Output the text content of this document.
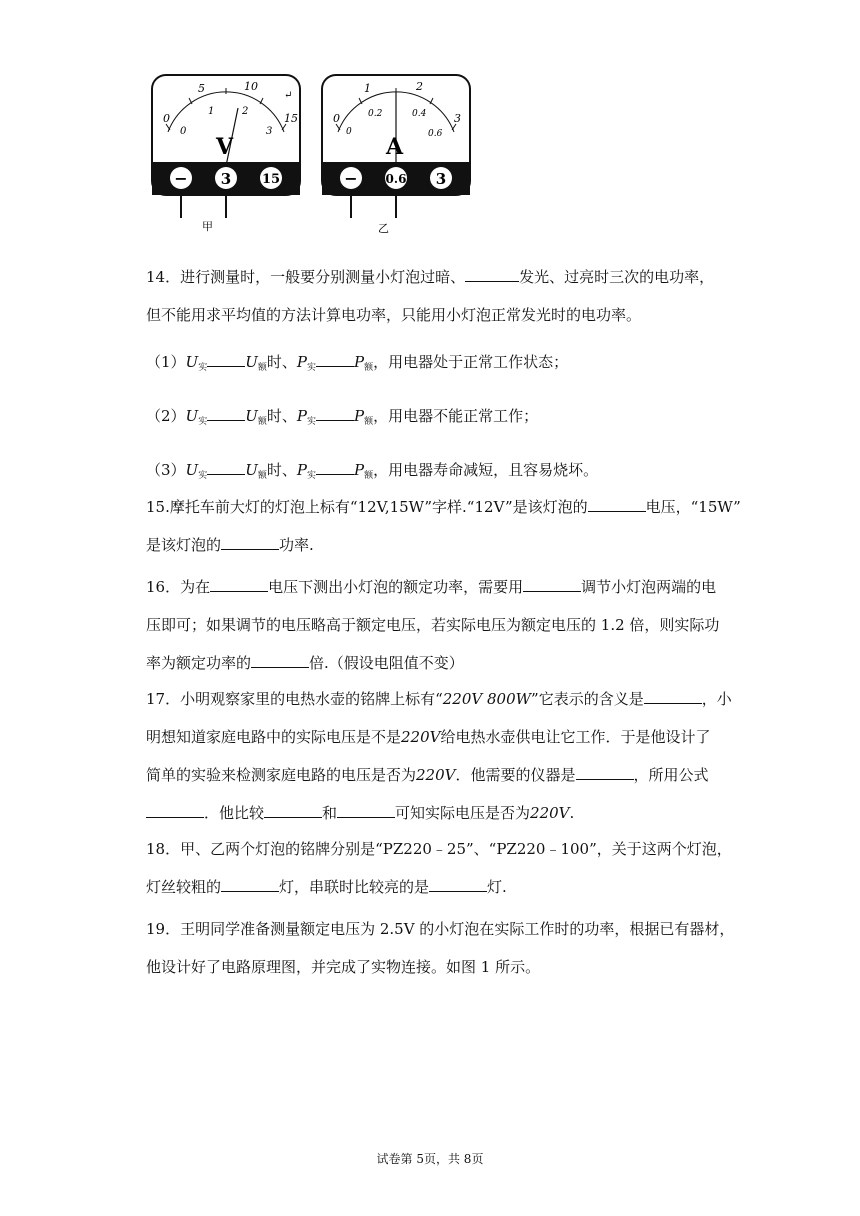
0
5	10
15
0
1	2
3
↵
V
− 3 15
甲
0
1	2
3
0
0.2	0.4
0.6
A
− 0.6 3
乙
14．进行测量时，一般要分别测量小灯泡过暗、	发光、过亮时三次的电功率，
但不能用求平均值的方法计算电功率，只能用小灯泡正常发光时的电功率。
$(1)U_实$	$U_额$时、$P_实$	$P_额$，用电器处于正常工作状态；
$(2)U_实$	$U_额$时、$P_实$	$P_额$，用电器不能正常工作；
$(3)U_实$	$U_额$时、$P_实$	$P_额$，用电器寿命减短，且容易烧坏。
15.摩托车前大灯的灯泡上标有“12V,15W”字样.“12V”是该灯泡的	电压，“15W”
是该灯泡的	功率.
16．为在	电压下测出小灯泡的额定功率，需要用	调节小灯泡两端的电
压即可；如果调节的电压略高于额定电压，若实际电压为额定电压的 1.2 倍，则实际功
率为额定功率的	倍.（假设电阻值不变）
17．小明观察家里的电热水壶的铭牌上标有“220V 800W”它表示的含义是	，小
明想知道家庭电路中的实际电压是不是220V给电热水壶供电让它工作．于是他设计了
简单的实验来检测家庭电路的电压是否为220V．他需要的仪器是	，所用公式
．他比较	和	可知实际电压是否为220V.
18．甲、乙两个灯泡的铭牌分别是“PZ220﹣25”、“PZ220﹣100”，关于这两个灯泡，
灯丝较粗的	灯，串联时比较亮的是	灯.
19．王明同学准备测量额定电压为 2.5V 的小灯泡在实际工作时的功率，根据已有器材，
他设计好了电路原理图，并完成了实物连接。如图 1 所示。
试卷第 5页，共 8页
